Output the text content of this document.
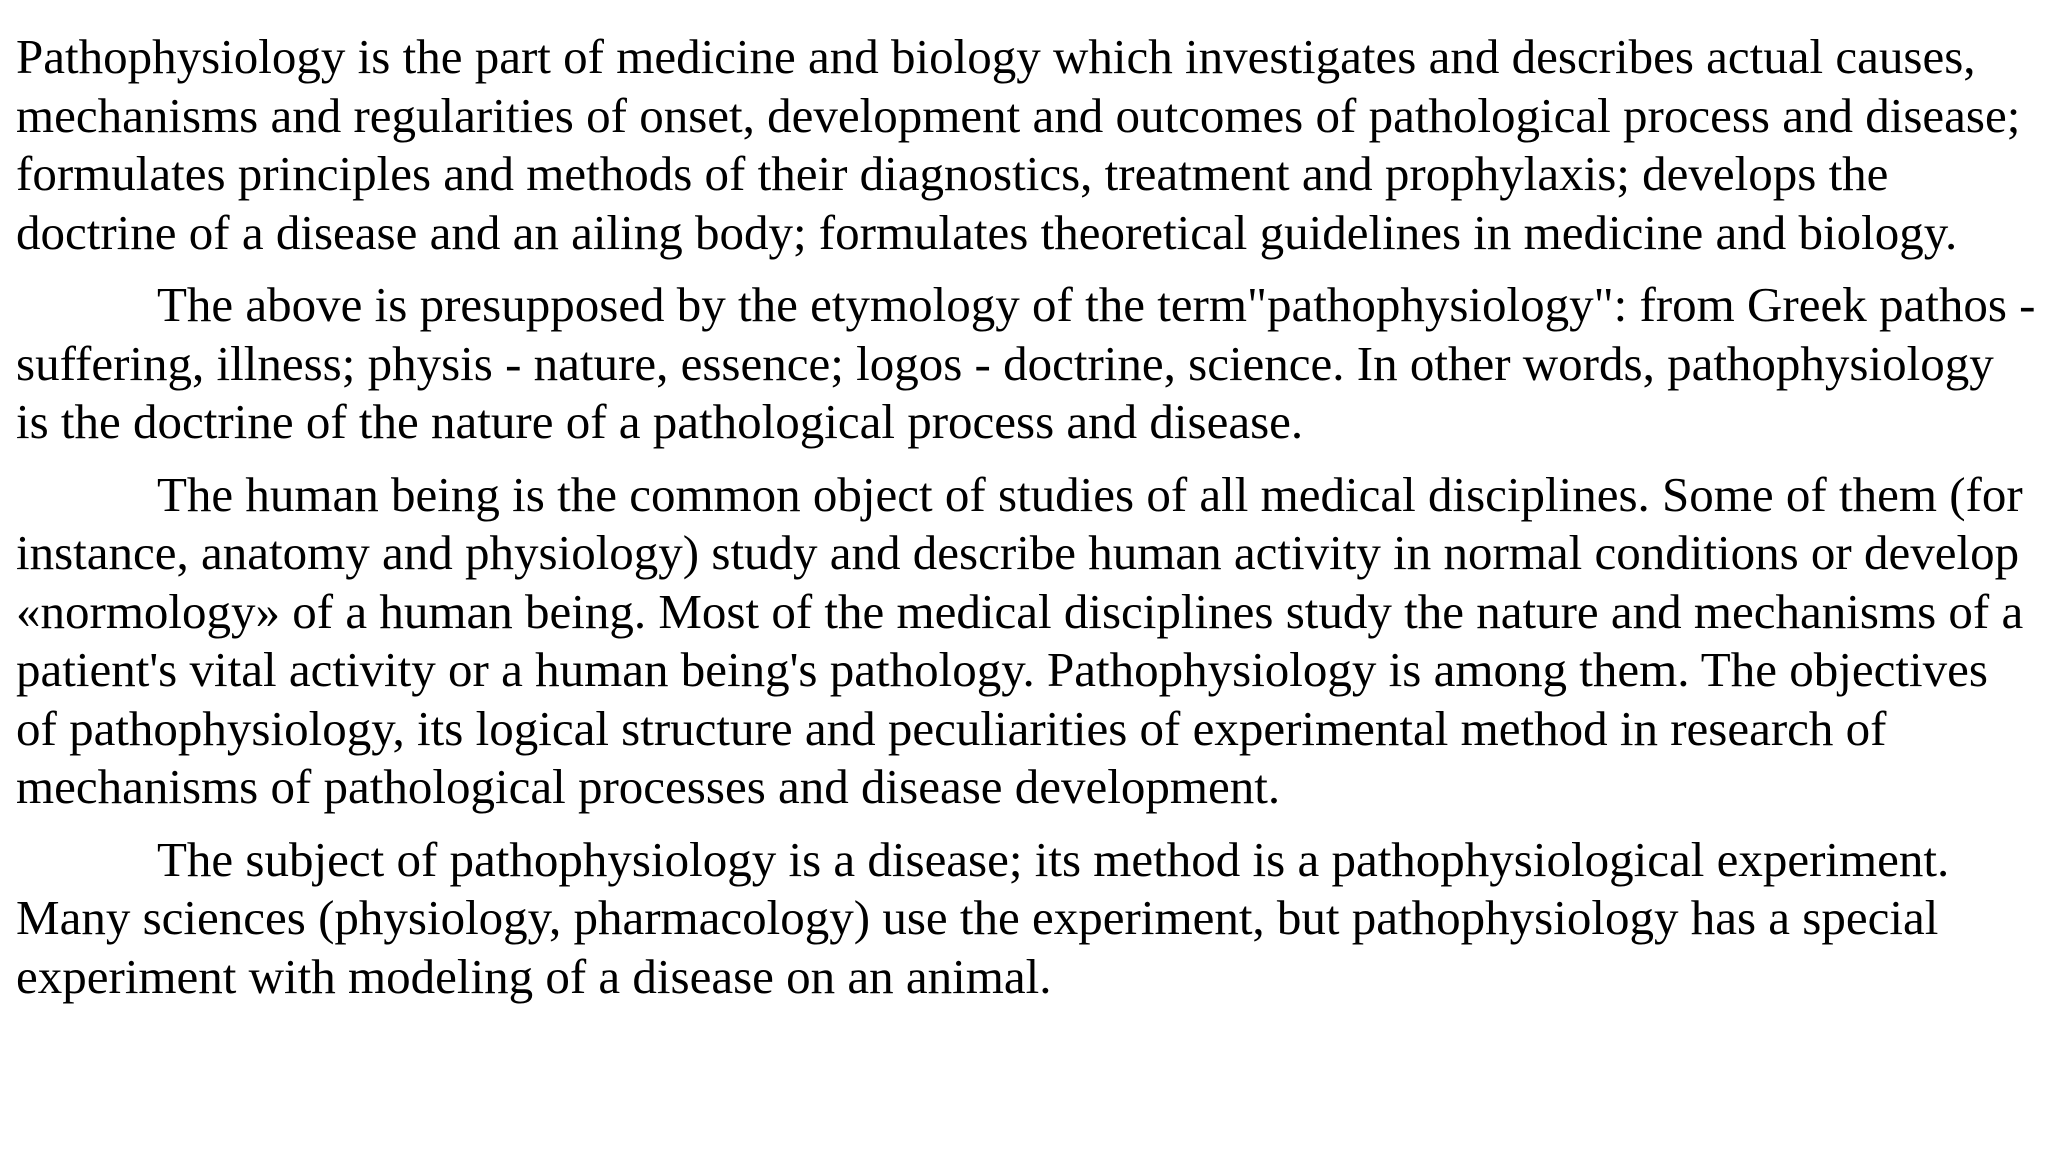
Pathophysiology is the part of medicine and biology which investigates and describes actual causes, mechanisms and regularities of onset, development and outcomes of pathological process and disease; formulates principles and methods of their diagnostics, treatment and prophylaxis; develops the doctrine of a disease and an ailing body; formulates theoretical guidelines in medicine and biology.

The above is presupposed by the etymology of the term"pathophysiology": from Greek pathos - suffering, illness; physis - nature, essence; logos - doctrine, science. In other words, pathophysiology is the doctrine of the nature of a pathological process and disease.

The human being is the common object of studies of all medical disciplines. Some of them (for instance, anatomy and physiology) study and describe human activity in normal conditions or develop «normology» of a human being. Most of the medical disciplines study the nature and mechanisms of a patient's vital activity or a human being's pathology. Pathophysiology is among them. The objectives of pathophysiology, its logical structure and peculiarities of experimental method in research of mechanisms of pathological processes and disease development.

The subject of pathophysiology is a disease; its method is a pathophysiological experiment. Many sciences (physiology, pharmacology) use the experiment, but pathophysiology has a special experiment with modeling of a disease on an animal.
